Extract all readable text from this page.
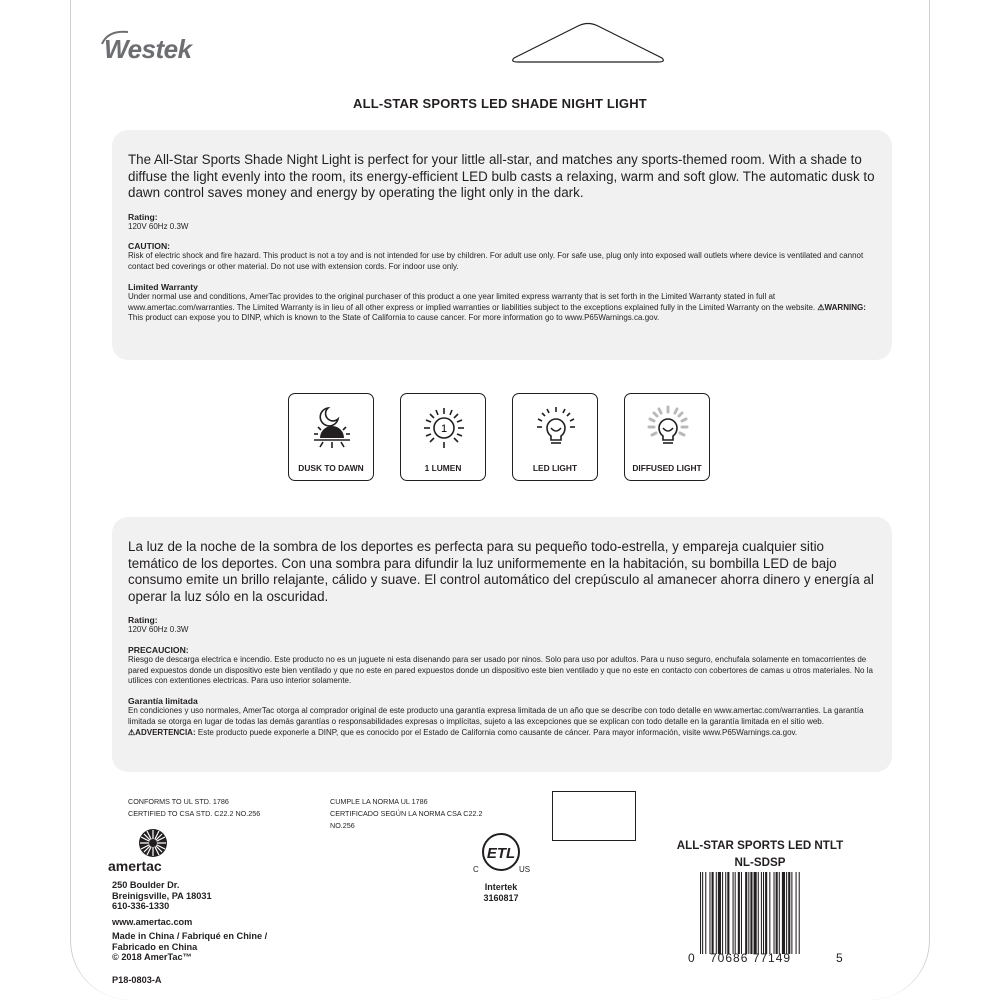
Westek
ALL-STAR SPORTS LED SHADE NIGHT LIGHT

The All-Star Sports Shade Night Light is perfect for your little all-star, and matches any sports-themed room. With a shade to diffuse the light evenly into the room, its energy-efficient LED bulb casts a relaxing, warm and soft glow. The automatic dusk to dawn control saves money and energy by operating the light only in the dark.

Rating:

120V 60Hz 0.3W

CAUTION:

Risk of electric shock and fire hazard. This product is not a toy and is not intended for use by children. For adult use only. For safe use, plug only into exposed wall outlets where device is ventilated and cannot contact bed coverings or other material. Do not use with extension cords. For indoor use only.

Limited Warranty

Under normal use and conditions, AmerTac provides to the original purchaser of this product a one year limited express warranty that is set forth in the Limited Warranty stated in full at www.amertac.com/warranties. The Limited Warranty is in lieu of all other express or implied warranties or liabilities subject to the exceptions explained fully in the Limited Warranty on the website. ⚠WARNING: This product can expose you to DINP, which is known to the State of California to cause cancer. For more information go to www.P65Warnings.ca.gov.

DUSK TO DAWN
1
1 LUMEN	LED LIGHT	DIFFUSED LIGHT

La luz de la noche de la sombra de los deportes es perfecta para su pequeño todo-estrella, y empareja cualquier sitio temático de los deportes. Con una sombra para difundir la luz uniformemente en la habitación, su bombilla LED de bajo consumo emite un brillo relajante, cálido y suave. El control automático del crepúsculo al amanecer ahorra dinero y energía al operar la luz sólo en la oscuridad.

Rating:

120V 60Hz 0.3W

PRECAUCION:

Riesgo de descarga electrica e incendio. Este producto no es un juguete ni esta disenando para ser usado por ninos. Solo para uso por adultos. Para u nuso seguro, enchufala solamente en tomacorrientes de pared expuestos donde un dispositivo este bien ventilado y que no este en pared expuestos donde un dispositivo este bien ventilado y que no este en contacto con cobertores de camas u otros materiales. No la utilices con extentiones electricas. Para uso interior solamente.

Garantía limitada

En condiciones y uso normales, AmerTac otorga al comprador original de este producto una garantía expresa limitada de un año que se describe con todo detalle en www.amertac.com/warranties. La garantía limitada se otorga en lugar de todas las demás garantías o responsabilidades expresas o implícitas, sujeto a las excepciones que se explican con todo detalle en la garantía limitada en el sitio web. ⚠ADVERTENCIA: Este producto puede exponerle a DINP, que es conocido por el Estado de California como causante de cáncer. Para mayor información, visite www.P65Warnings.ca.gov.

CONFORMS TO UL STD. 1786
CERTIFIED TO CSA STD. C22.2 NO.256
CUMPLE LA NORMA UL 1786
CERTIFICADO SEGÚN LA NORMA CSA C22.2
NO.256
amertac
250 Boulder Dr.
Breinigsville, PA 18031
610-336-1330
www.amertac.com
Made in China / Fabriqué en Chine /
Fabricado en China
© 2018 AmerTac™
P18-0803-A
ETL
C	US
Intertek
3160817
ALL-STAR SPORTS LED NTLT
NL-SDSP
0 70686 77149	5
